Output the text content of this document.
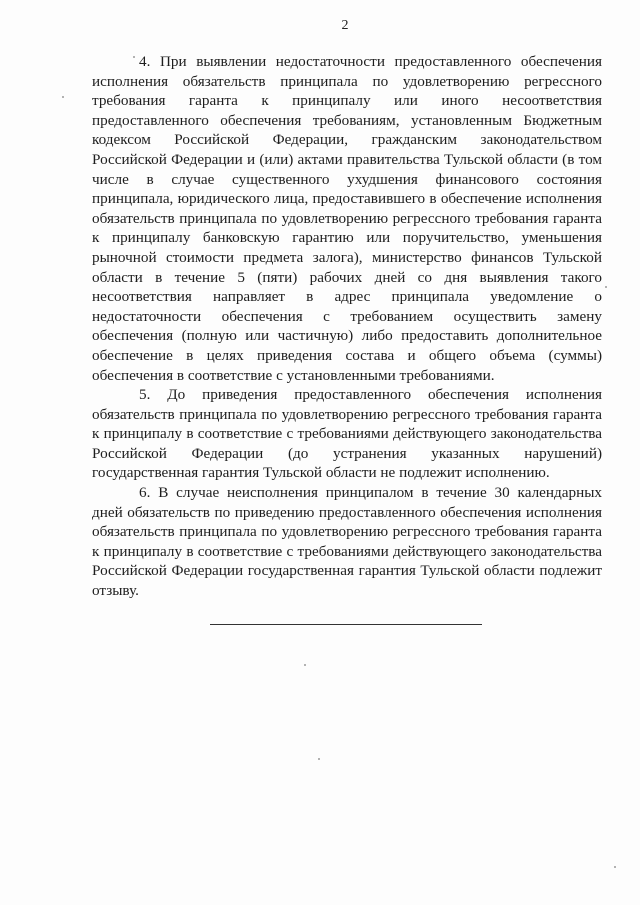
2

4. При выявлении недостаточности предоставленного обеспечения исполнения обязательств принципала по удовлетворению регрессного требования гаранта к принципалу или иного несоответствия предоставленного обеспечения требованиям, установленным Бюджетным кодексом Российской Федерации, гражданским законодательством Российской Федерации и (или) актами правительства Тульской области (в том числе в случае существенного ухудшения финансового состояния принципала, юридического лица, предоставившего в обеспечение исполнения обязательств принципала по удовлетворению регрессного требования гаранта к принципалу банковскую гарантию или поручительство, уменьшения рыночной стоимости предмета залога), министерство финансов Тульской области в течение 5 (пяти) рабочих дней со дня выявления такого несоответствия направляет в адрес принципала уведомление о недостаточности обеспечения с требованием осуществить замену обеспечения (полную или частичную) либо предоставить дополнительное обеспечение в целях приведения состава и общего объема (суммы) обеспечения в соответствие с установленными требованиями.

5. До приведения предоставленного обеспечения исполнения обязательств принципала по удовлетворению регрессного требования гаранта к принципалу в соответствие с требованиями действующего законодательства Российской Федерации (до устранения указанных нарушений) государственная гарантия Тульской области не подлежит исполнению.

6. В случае неисполнения принципалом в течение 30 календарных дней обязательств по приведению предоставленного обеспечения исполнения обязательств принципала по удовлетворению регрессного требования гаранта к принципалу в соответствие с требованиями действующего законодательства Российской Федерации государственная гарантия Тульской области подлежит отзыву.
